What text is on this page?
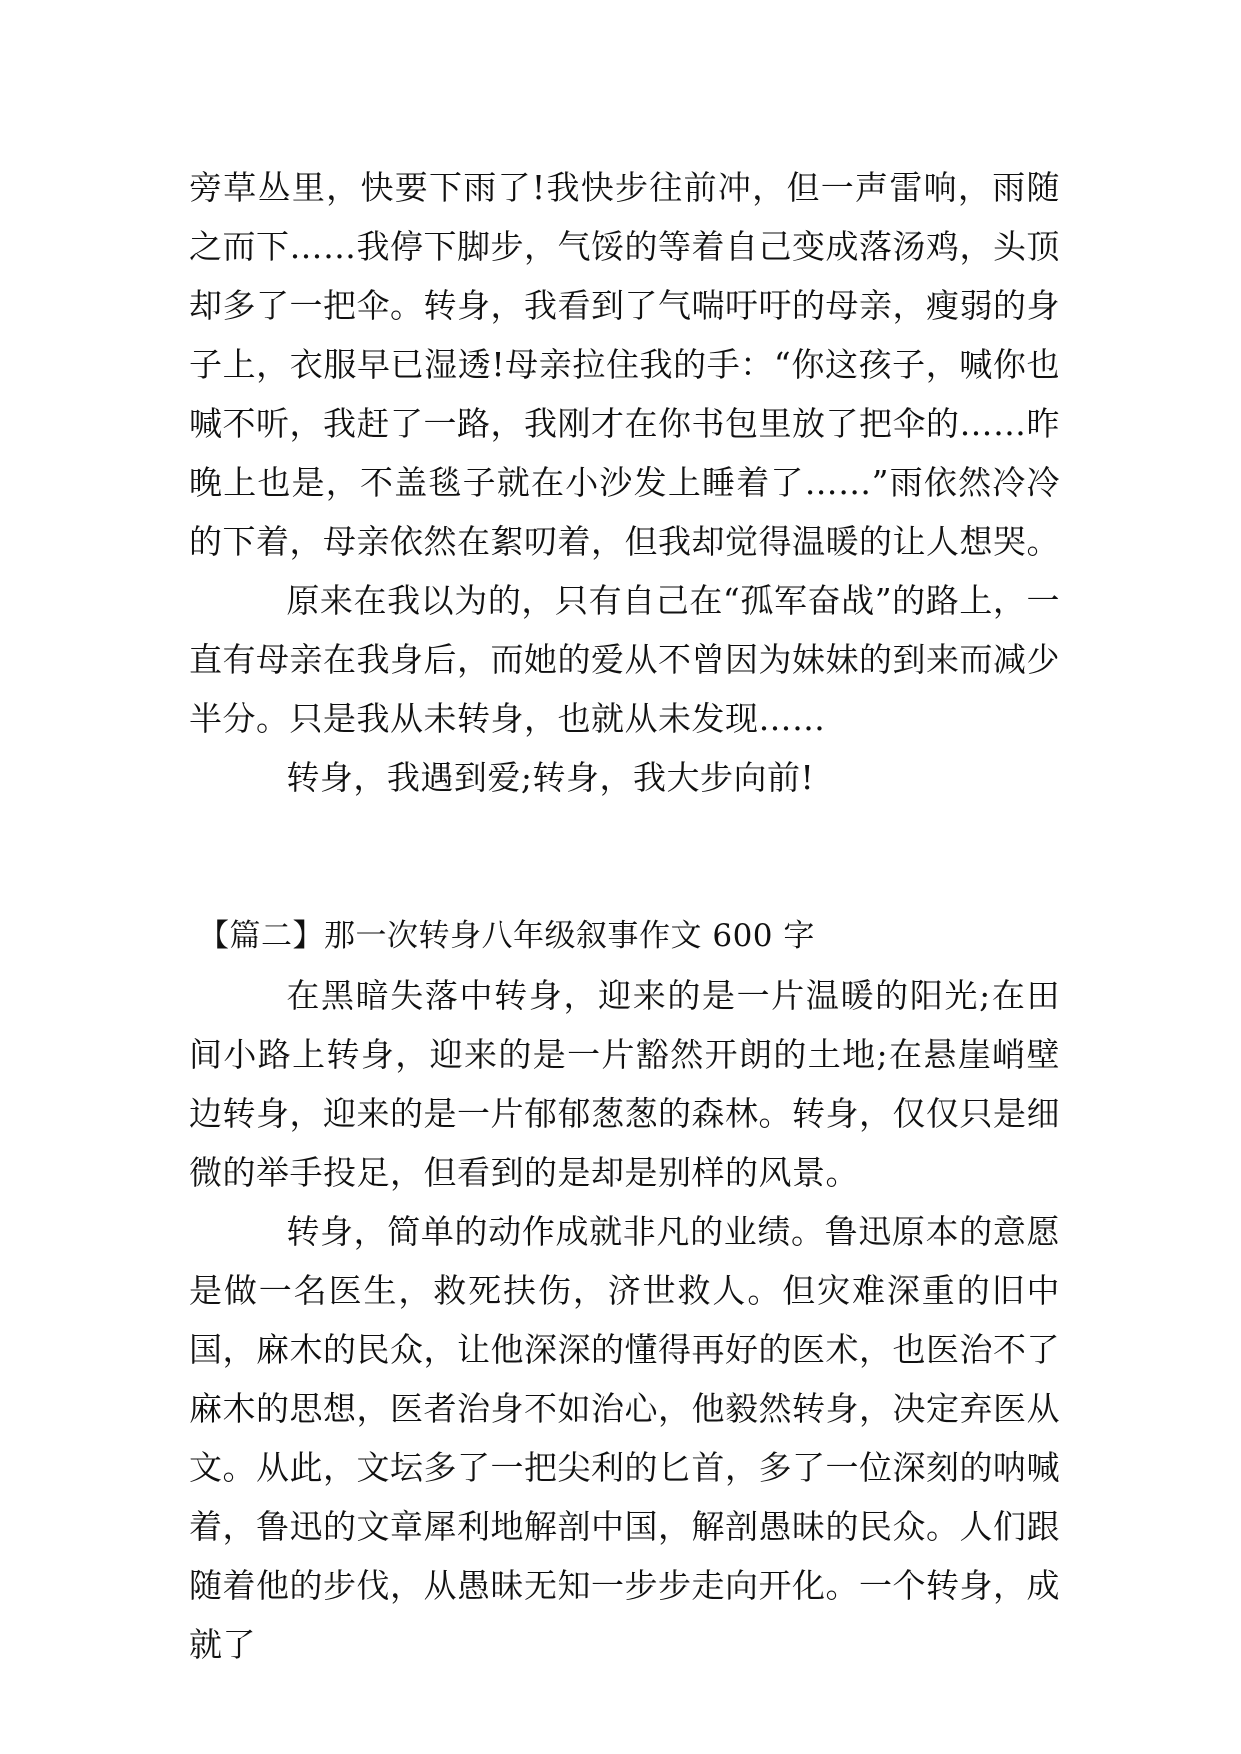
旁草丛里，快要下雨了!我快步往前冲，但一声雷响，雨随之而下……我停下脚步，气馁的等着自己变成落汤鸡，头顶却多了一把伞。转身，我看到了气喘吁吁的母亲，瘦弱的身子上，衣服早已湿透!母亲拉住我的手：“你这孩子，喊你也喊不听，我赶了一路，我刚才在你书包里放了把伞的……昨晚上也是，不盖毯子就在小沙发上睡着了……”雨依然冷冷的下着，母亲依然在絮叨着，但我却觉得温暖的让人想哭。

原来在我以为的，只有自己在“孤军奋战”的路上，一直有母亲在我身后，而她的爱从不曾因为妹妹的到来而减少半分。只是我从未转身，也就从未发现……

转身，我遇到爱;转身，我大步向前!

【篇二】那一次转身八年级叙事作文 600 字

在黑暗失落中转身，迎来的是一片温暖的阳光;在田间小路上转身，迎来的是一片豁然开朗的土地;在悬崖峭壁边转身，迎来的是一片郁郁葱葱的森林。转身，仅仅只是细微的举手投足，但看到的是却是别样的风景。

转身，简单的动作成就非凡的业绩。鲁迅原本的意愿是做一名医生，救死扶伤，济世救人。但灾难深重的旧中国，麻木的民众，让他深深的懂得再好的医术，也医治不了麻木的思想，医者治身不如治心，他毅然转身，决定弃医从文。从此，文坛多了一把尖利的匕首，多了一位深刻的呐喊着，鲁迅的文章犀利地解剖中国，解剖愚昧的民众。人们跟随着他的步伐，从愚昧无知一步步走向开化。一个转身，成就了
